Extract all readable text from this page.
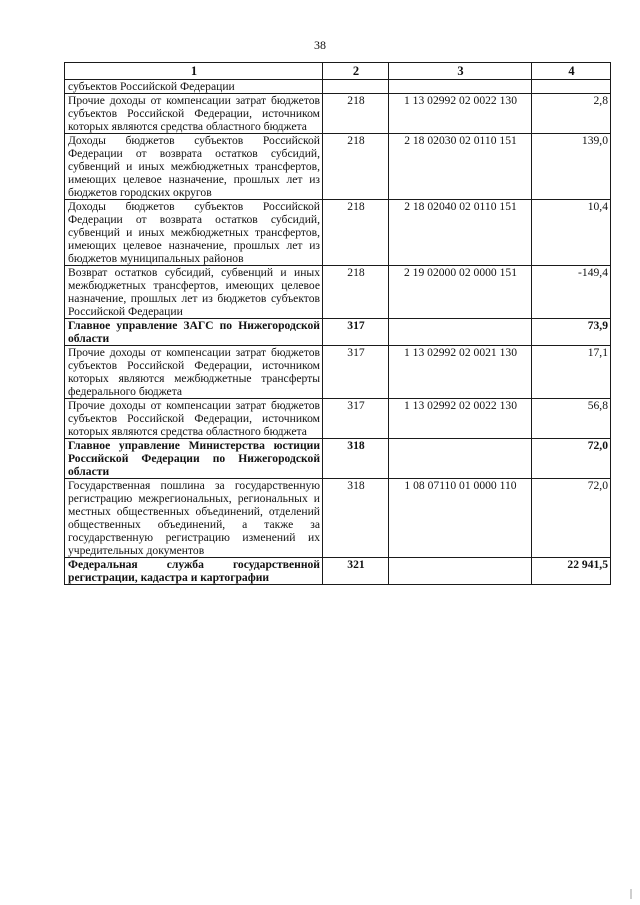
38
1	2	3	4
субъектов Российской Федерации			
Прочие доходы от компенсации затрат бюджетов субъектов Российской Федерации, источником которых являются средства областного бюджета	218	1 13 02992 02 0022 130	2,8
Доходы бюджетов субъектов Российской Федерации от возврата остатков субсидий, субвенций и иных межбюджетных трансфертов, имеющих целевое назначение, прошлых лет из бюджетов городских округов	218	2 18 02030 02 0110 151	139,0
Доходы бюджетов субъектов Российской Федерации от возврата остатков субсидий, субвенций и иных межбюджетных трансфертов, имеющих целевое назначение, прошлых лет из бюджетов муниципальных районов	218	2 18 02040 02 0110 151	10,4
Возврат остатков субсидий, субвенций и иных межбюджетных трансфертов, имеющих целевое назначение, прошлых лет из бюджетов субъектов Российской Федерации	218	2 19 02000 02 0000 151	-149,4
Главное управление ЗАГС по Нижегородской области	317		73,9
Прочие доходы от компенсации затрат бюджетов субъектов Российской Федерации, источником которых являются межбюджетные трансферты федерального бюджета	317	1 13 02992 02 0021 130	17,1
Прочие доходы от компенсации затрат бюджетов субъектов Российской Федерации, источником которых являются средства областного бюджета	317	1 13 02992 02 0022 130	56,8
Главное управление Министерства юстиции Российской Федерации по Нижегородской области	318		72,0
Государственная пошлина за государственную регистрацию межрегиональных, региональных и местных общественных объединений, отделений общественных объединений, а также за государственную регистрацию изменений их учредительных документов	318	1 08 07110 01 0000 110	72,0
Федеральная служба государственной регистрации, кадастра и картографии	321		22 941,5
